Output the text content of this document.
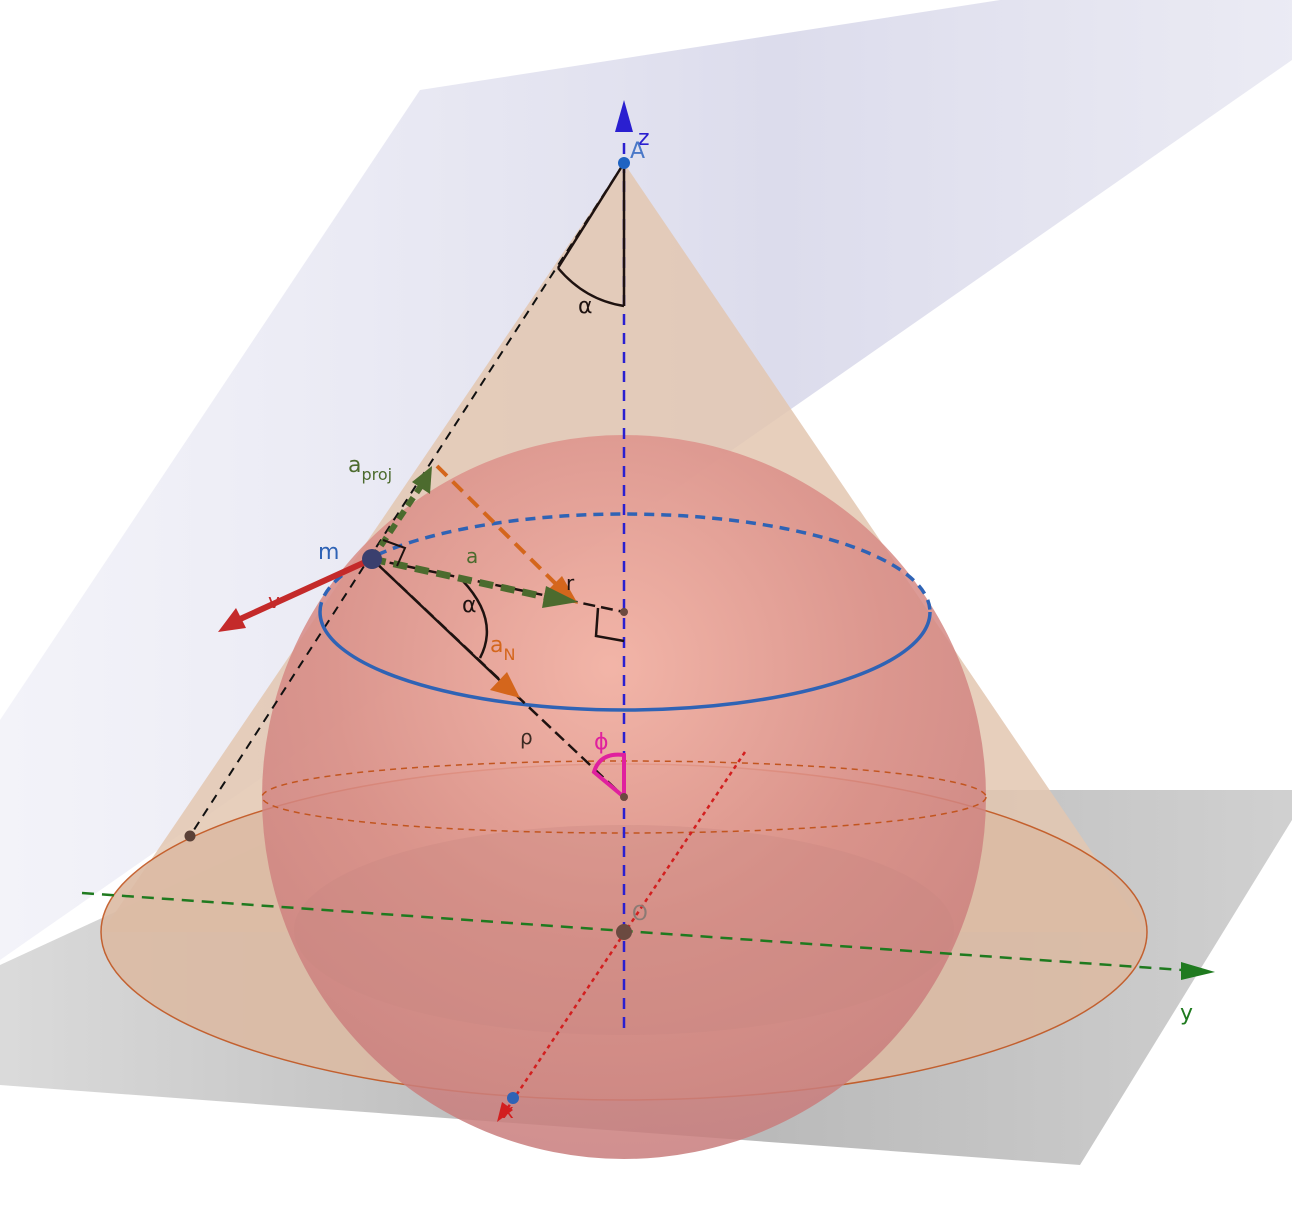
z
A
α
$a_{proj}$
m	a
r
α
$a_N$
ρ	ϕ
O
y
x
v
